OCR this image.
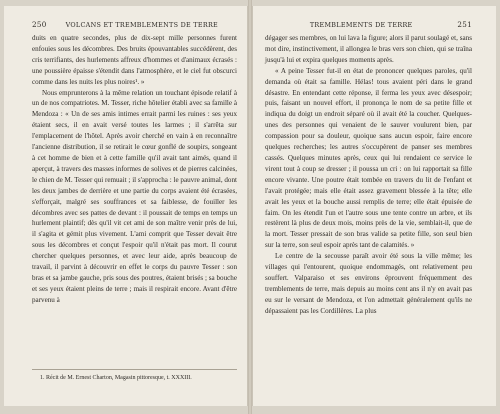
250	VOLCANS ET TREMBLEMENTS DE TERRE

duits en quatre secondes, plus de dix-sept mille personnes furent enfouies sous les décombres. Des bruits épouvantables succédèrent, des cris terrifiants, des hurlements affreux d'hommes et d'animaux écrasés : une poussière épaisse s'étendit dans l'atmosphère, et le ciel fut obscurci comme dans les nuits les plus noires¹. »

Nous emprunterons à la même relation un touchant épisode relatif à un de nos compatriotes. M. Tesser, riche hôtelier établi avec sa famille à Mendoza : « Un de ses amis intimes errait parmi les ruines : ses yeux étaient secs, il en avait versé toutes les larmes ; il s'arrêta sur l'emplacement de l'hôtel. Après avoir cherché en vain à en reconnaître l'ancienne distribution, il se retirait le cœur gonflé de soupirs, songeant à cet homme de bien et à cette famille qu'il avait tant aimés, quand il aperçut, à travers des masses informes de solives et de pierres calcinées, le chien de M. Tesser qui remuait ; il s'approcha : le pauvre animal, dont les deux jambes de derrière et une partie du corps avaient été écrasées, s'efforçait, malgré ses souffrances et sa faiblesse, de fouiller les décombres avec ses pattes de devant : il poussait de temps en temps un hurlement plaintif; dès qu'il vit cet ami de son maître venir près de lui, il s'agita et gémit plus vivement. L'ami comprit que Tesser devait être sous les décombres et conçut l'espoir qu'il n'était pas mort. Il courut chercher quelques personnes, et avec leur aide, après beaucoup de travail, il parvint à découvrir en effet le corps du pauvre Tesser : son bras et sa jambe gauche, pris sous des poutres, étaient brisés ; sa bouche et ses yeux étaient pleins de terre ; mais il respirait encore. Avant d'être parvenu à

1. Récit de M. Ernest Charton, Magasin pittoresque, t. XXXIII.
TREMBLEMENTS DE TERRE	251

dégager ses membres, on lui lava la figure; alors il parut soulagé et, sans mot dire, instinctivement, il allongea le bras vers son chien, qui se traîna jusqu'à lui et expira quelques moments après.

« A peine Tesser fut-il en état de prononcer quelques paroles, qu'il demanda où était sa famille. Hélas! tous avaient péri dans le grand désastre. En entendant cette réponse, il ferma les yeux avec désespoir; puis, faisant un nouvel effort, il prononça le nom de sa petite fille et indiqua du doigt un endroit séparé où il avait été la coucher. Quelques-unes des personnes qui venaient de le sauver voulurent bien, par compassion pour sa douleur, quoique sans aucun espoir, faire encore quelques recherches; les autres s'occupèrent de panser ses membres cassés. Quelques minutes après, ceux qui lui rendaient ce service le virent tout à coup se dresser ; il poussa un cri : on lui rapportait sa fille encore vivante. Une poutre était tombée en travers du lit de l'enfant et l'avait protégée; mais elle était assez gravement blessée à la tête; elle avait les yeux et la bouche aussi remplis de terre; elle était épuisée de faim. On les étendit l'un et l'autre sous une tente contre un arbre, et ils restèrent là plus de deux mois, moins près de la vie, semblait-il, que de la mort. Tesser pressait de son bras valide sa petite fille, son seul bien sur la terre, son seul espoir après tant de calamités. »

Le centre de la secousse paraît avoir été sous la ville même; les villages qui l'entourent, quoique endommagés, ont relativement peu souffert. Valparaiso et ses environs éprouvent fréquemment des tremblements de terre, mais depuis au moins cent ans il n'y en avait pas eu sur le versant de Mendoza, et l'on admettait généralement qu'ils ne dépassaient pas les Cordillères. La plus
